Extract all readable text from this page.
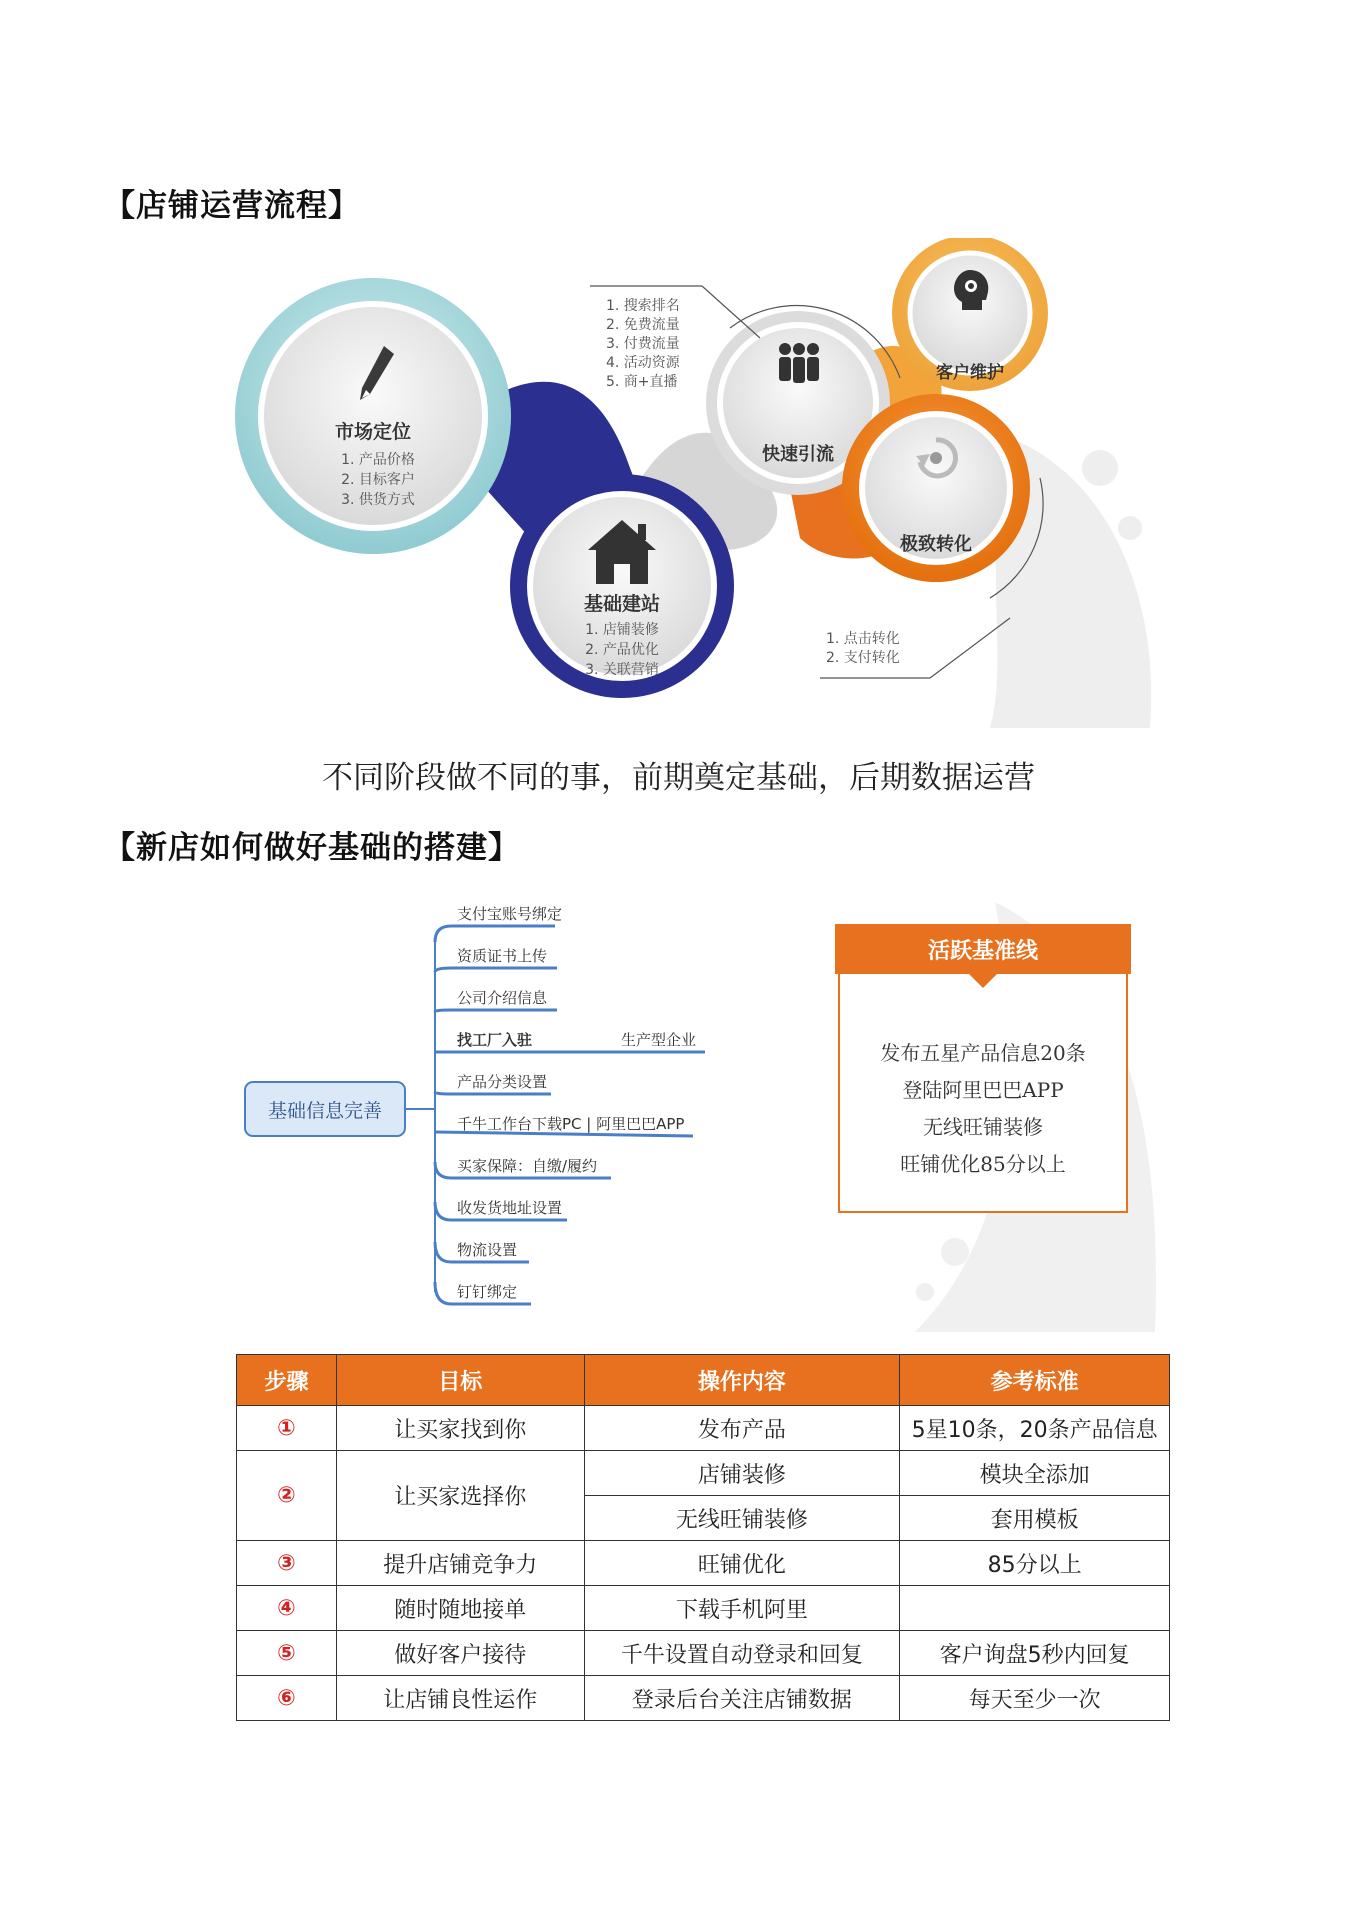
【店铺运营流程】
市场定位
1. 产品价格
2. 目标客户
3. 供货方式
基础建站
1. 店铺装修
2. 产品优化
3. 关联营销
快速引流
客户维护
极致转化
1. 搜索排名
2. 免费流量
3. 付费流量
4. 活动资源
5. 商+直播
1. 点击转化
2. 支付转化
不同阶段做不同的事，前期奠定基础，后期数据运营
【新店如何做好基础的搭建】
基础信息完善
支付宝账号绑定
资质证书上传
公司介绍信息
找工厂入驻
产品分类设置
千牛工作台下载PC | 阿里巴巴APP
买家保障：自缴/履约
收发货地址设置
物流设置
钉钉绑定
生产型企业
活跃基准线
发布五星产品信息20条
登陆阿里巴巴APP
无线旺铺装修
旺铺优化85分以上
步骤	目标	操作内容	参考标准
①	让买家找到你	发布产品	5星10条，20条产品信息
②	让买家选择你	店铺装修	模块全添加
		无线旺铺装修	套用模板
③	提升店铺竞争力	旺铺优化	85分以上
④	随时随地接单	下载手机阿里	
⑤	做好客户接待	千牛设置自动登录和回复	客户询盘5秒内回复
⑥	让店铺良性运作	登录后台关注店铺数据	每天至少一次
